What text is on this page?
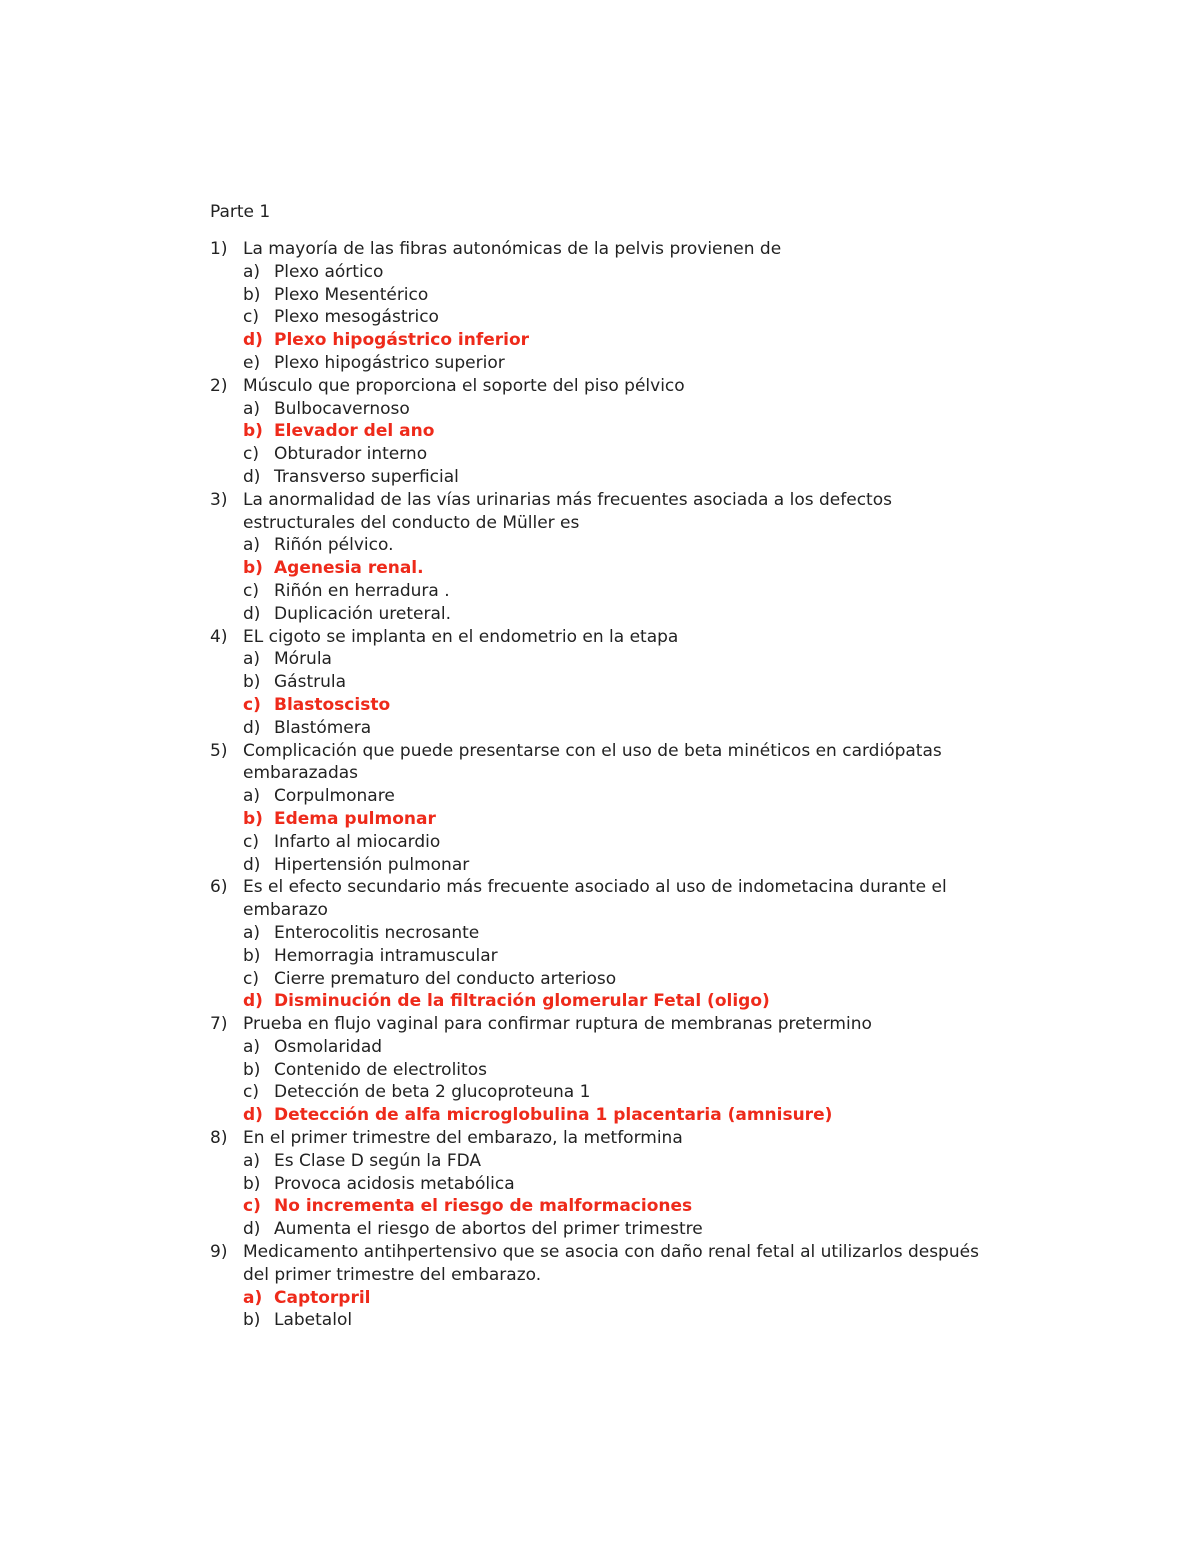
Parte 1
1) La mayoría de las fibras autonómicas de la pelvis provienen de
a) Plexo aórtico
b) Plexo Mesentérico
c) Plexo mesogástrico
d) Plexo hipogástrico inferior
e) Plexo hipogástrico superior
2) Músculo que proporciona el soporte del piso pélvico
a) Bulbocavernoso
b) Elevador del ano
c) Obturador interno
d) Transverso superficial
3) La anormalidad de las vías urinarias más frecuentes asociada a los defectos estructurales del conducto de Müller es
a) Riñón pélvico.
b) Agenesia renal.
c) Riñón en herradura .
d) Duplicación ureteral.
4) EL cigoto se implanta en el endometrio en la etapa
a) Mórula
b) Gástrula
c) Blastoscisto
d) Blastómera
5) Complicación que puede presentarse con el uso de beta minéticos en cardiópatas embarazadas
a) Corpulmonare
b) Edema pulmonar
c) Infarto al miocardio
d) Hipertensión pulmonar
6) Es el efecto secundario más frecuente asociado al uso de indometacina durante el embarazo
a) Enterocolitis necrosante
b) Hemorragia intramuscular
c) Cierre prematuro del conducto arterioso
d) Disminución de la filtración glomerular Fetal (oligo)
7) Prueba en flujo vaginal para confirmar ruptura de membranas pretermino
a) Osmolaridad
b) Contenido de electrolitos
c) Detección de beta 2 glucoproteuna 1
d) Detección de alfa microglobulina 1 placentaria (amnisure)
8) En el primer trimestre del embarazo, la metformina
a) Es Clase D según la FDA
b) Provoca acidosis metabólica
c) No incrementa el riesgo de malformaciones
d) Aumenta el riesgo de abortos del primer trimestre
9) Medicamento antihpertensivo que se asocia con daño renal fetal al utilizarlos después del primer trimestre del embarazo.
a) Captorpril
b) Labetalol
